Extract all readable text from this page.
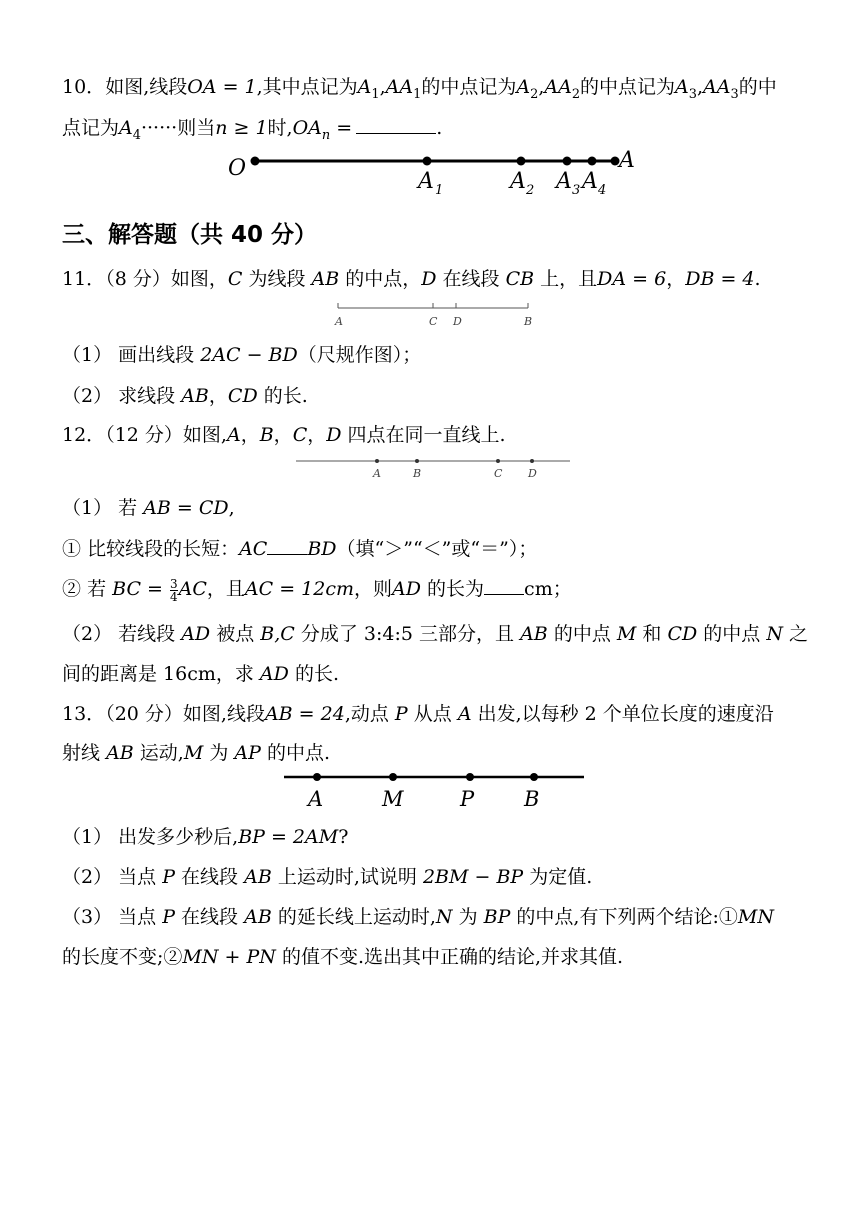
10．如图,线段OA = 1,其中点记为$A_1,AA_1$的中点记为$A_2,AA_2$的中点记为$A_3,AA_3$的中
点记为$A_4\cdot\cdot\cdot\cdot\cdot\cdot$则当n ≥ 1时$,OA_n$ =	.
O
A 1	A 2 A 3 A 4
A
三、解答题（共 40 分）
11．（8 分）如图，C 为线段 AB 的中点，D 在线段 CB 上，且DA = 6，DB = 4.
A	C D	B
（1） 画出线段 2AC − BD（尺规作图）；
（2） 求线段 AB，CD 的长.
12．（12 分）如图,A，B，C，D 四点在同一直线上.
A	B	C D
（1） 若 AB = CD,
① 比较线段的长短：AC BD（填“＞”“＜”或“＝”）；
② 若 BC = $\frac{3}{4}$ AC，且AC = 12cm，则AD 的长为 cm；
（2） 若线段 AD 被点 B,C 分成了 3:4:5 三部分，且 AB 的中点 M 和 CD 的中点 N 之
间的距离是 16cm，求 AD 的长.
13．（20 分）如图,线段AB = 24,动点 P 从点 A 出发,以每秒 2 个单位长度的速度沿
射线 AB 运动,M 为 AP 的中点.
A	M	P B
（1） 出发多少秒后,BP = 2AM?
（2） 当点 P 在线段 AB 上运动时,试说明 2BM − BP 为定值.
（3） 当点 P 在线段 AB 的延长线上运动时,N 为 BP 的中点,有下列两个结论:①MN
的长度不变;②MN + PN 的值不变.选出其中正确的结论,并求其值.
